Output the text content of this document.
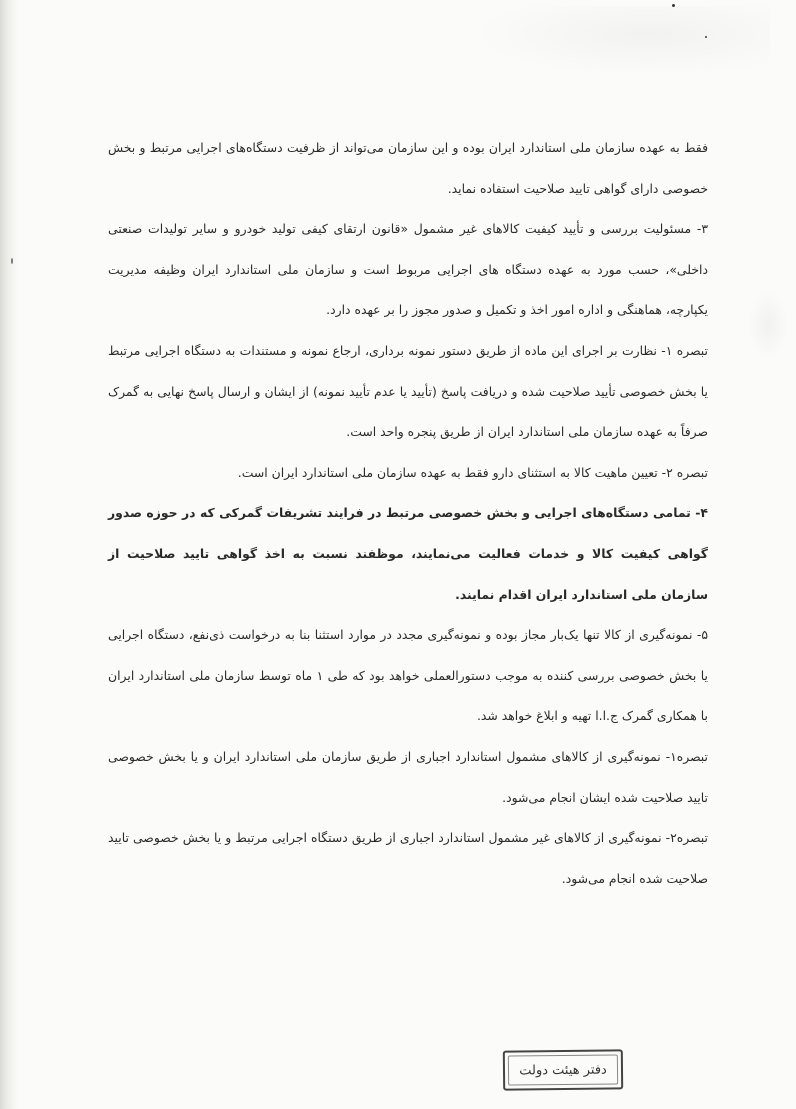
فقط به عهده سازمان ملی استاندارد ایران بوده و این سازمان می‌تواند از ظرفیت دستگاه‌های اجرایی مرتبط و بخش خصوصی دارای گواهی تایید صلاحیت استفاده نماید.

۳- مسئولیت بررسی و تأیید کیفیت کالاهای غیر مشمول «قانون ارتقای کیفی تولید خودرو و سایر تولیدات صنعتی داخلی»، حسب مورد به عهده دستگاه های اجرایی مربوط است و سازمان ملی استاندارد ایران وظیفه مدیریت یکپارچه، هماهنگی و اداره امور اخذ و تکمیل و صدور مجوز را بر عهده دارد.

تبصره ۱- نظارت بر اجرای این ماده از طریق دستور نمونه برداری، ارجاع نمونه و مستندات به دستگاه اجرایی مرتبط یا بخش خصوصی تأیید صلاحیت شده و دریافت پاسخ (تأیید یا عدم تأیید نمونه) از ایشان و ارسال پاسخ نهایی به گمرک صرفاً به عهده سازمان ملی استاندارد ایران از طریق پنجره واحد است.

تبصره ۲- تعیین ماهیت کالا به استثنای دارو فقط به عهده سازمان ملی استاندارد ایران است.

۴- تمامی دستگاه‌های اجرایی و بخش خصوصی مرتبط در فرایند تشریفات گمرکی که در حوزه صدور گواهی کیفیت کالا و خدمات فعالیت می‌نمایند، موظفند نسبت به اخذ گواهی تایید صلاحیت از سازمان ملی استاندارد ایران اقدام نمایند.

۵- نمونه‌گیری از کالا تنها یک‌بار مجاز بوده و نمونه‌گیری مجدد در موارد استثنا بنا به درخواست ذی‌نفع، دستگاه اجرایی یا بخش خصوصی بررسی کننده به موجب دستورالعملی خواهد بود که طی ۱ ماه توسط سازمان ملی استاندارد ایران با همکاری گمرک ج.ا.ا تهیه و ابلاغ خواهد شد.

تبصره۱- نمونه‌گیری از کالاهای مشمول استاندارد اجباری از طریق سازمان ملی استاندارد ایران و یا بخش خصوصی تایید صلاحیت شده ایشان انجام می‌شود.

تبصره۲- نمونه‌گیری از کالاهای غیر مشمول استاندارد اجباری از طریق دستگاه اجرایی مرتبط و یا بخش خصوصی تایید صلاحیت شده انجام می‌شود.

دفتر هیئت دولت
